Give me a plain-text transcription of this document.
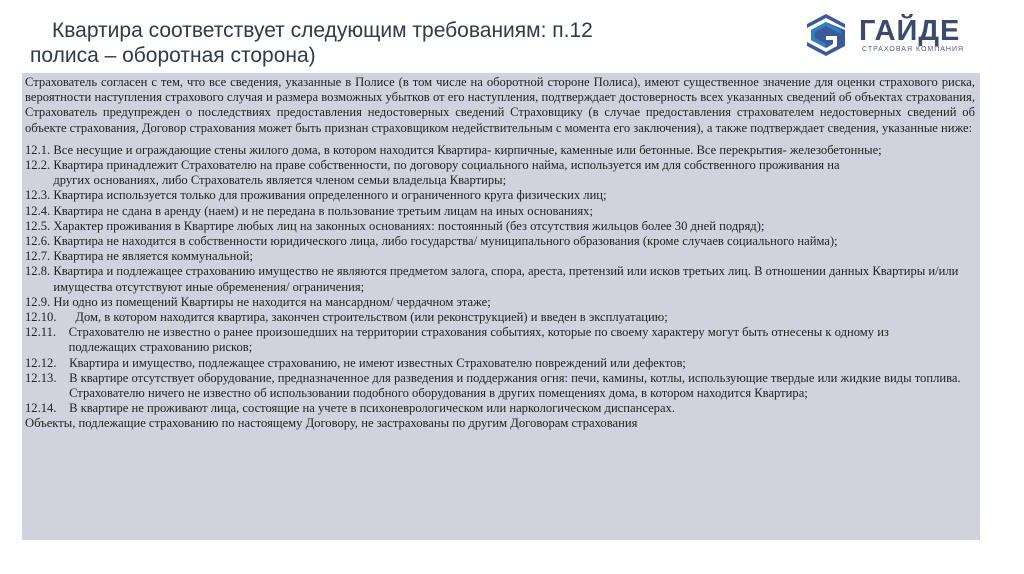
Квартира соответствует следующим требованиям: п.12
полиса – оборотная сторона)
ГАЙДЕ
СТРАХОВАЯ КОМПАНИЯ

Страхователь согласен с тем, что все сведения, указанные в Полисе (в том числе на оборотной стороне Полиса), имеют существенное значение для оценки страхового риска, вероятности наступления страхового случая и размера возможных убытков от его наступления, подтверждает достоверность всех указанных сведений об объектах страхования, Страхователь предупрежден о последствиях предоставления недостоверных сведений Страховщику (в случае предоставления страхователем недостоверных сведений об объекте страхования, Договор страхования может быть признан страховщиком недействительным с момента его заключения), а также подтверждает сведения, указанные ниже:

12.1. Все несущие и ограждающие стены жилого дома, в котором находится Квартира- кирпичные, каменные или бетонные. Все перекрытия- железобетонные;
12.2. Квартира принадлежит Страхователю на праве собственности, по договору социального найма, используется им для собственного проживания на других основаниях, либо Страхователь является членом семьи владельца Квартиры;
12.3. Квартира используется только для проживания определенного и ограниченного круга физических лиц;
12.4. Квартира не сдана в аренду (наем) и не передана в пользование третьим лицам на иных основаниях;
12.5. Характер проживания в Квартире любых лиц на законных основаниях: постоянный (без отсутствия жильцов более 30 дней подряд);
12.6. Квартира не находится в собственности юридического лица, либо государства/ муниципального образования (кроме случаев социального найма);
12.7. Квартира не является коммунальной;
12.8. Квартира и подлежащее страхованию имущество не являются предметом залога, спора, ареста, претензий или исков третьих лиц. В отношении данных Квартиры и/или имущества отсутствуют иные обременения/ ограничения;
12.9. Ни одно из помещений Квартиры не находится на мансардном/ чердачном этаже;
12.10. Дом, в котором находится квартира, закончен строительством (или реконструкцией) и введен в эксплуатацию;
12.11. Страхователю не известно о ранее произошедших на территории страхования событиях, которые по своему характеру могут быть отнесены к одному из подлежащих страхованию рисков;
12.12. Квартира и имущество, подлежащее страхованию, не имеют известных Страхователю повреждений или дефектов;
12.13. В квартире отсутствует оборудование, предназначенное для разведения и поддержания огня: печи, камины, котлы, использующие твердые или жидкие виды топлива. Страхователю ничего не известно об использовании подобного оборудования в других помещениях дома, в котором находится Квартира;
12.14. В квартире не проживают лица, состоящие на учете в психоневрологическом или наркологическом диспансерах.

Объекты, подлежащие страхованию по настоящему Договору, не застрахованы по другим Договорам страхования
